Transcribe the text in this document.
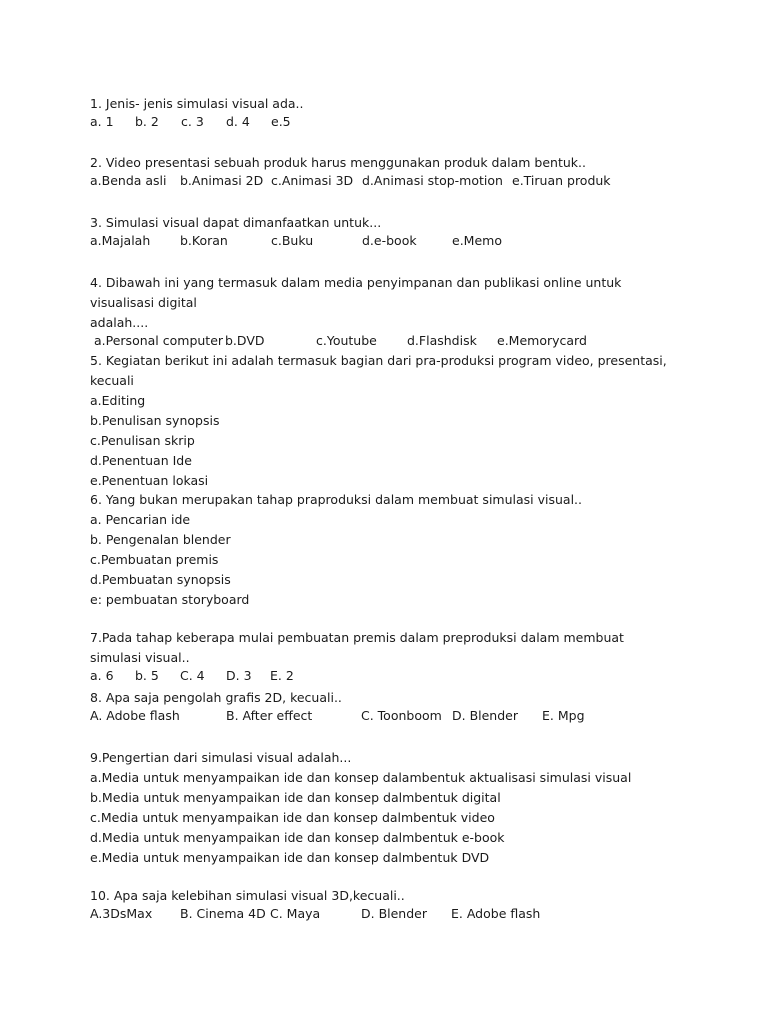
1. Jenis- jenis simulasi visual ada..
a. 1 b. 2 c. 3 d. 4 e.5
2. Video presentasi sebuah produk harus menggunakan produk dalam bentuk..
a.Benda asli b.Animasi 2D c.Animasi 3D d.Animasi stop-motion e.Tiruan produk
3. Simulasi visual dapat dimanfaatkan untuk...
a.Majalah b.Koran	c.Buku	d.e-book	e.Memo
4. Dibawah ini yang termasuk dalam media penyimpanan dan publikasi online untuk visualisasi digital
adalah....
a.Personal computer b.DVD	c.Youtube d.Flashdisk e.Memorycard
5. Kegiatan berikut ini adalah termasuk bagian dari pra-produksi program video, presentasi, kecuali
a.Editing
b.Penulisan synopsis
c.Penulisan skrip
d.Penentuan Ide
e.Penentuan lokasi
6. Yang bukan merupakan tahap praproduksi dalam membuat simulasi visual..
a. Pencarian ide
b. Pengenalan blender
c.Pembuatan premis
d.Pembuatan synopsis
e: pembuatan storyboard
7.Pada tahap keberapa mulai pembuatan premis dalam preproduksi dalam membuat simulasi visual..
a. 6 b. 5 C. 4 D. 3 E. 2
8. Apa saja pengolah grafis 2D, kecuali..
A. Adobe flash	B. After effect	C. Toonboom D. Blender E. Mpg
9.Pengertian dari simulasi visual adalah...
a.Media untuk menyampaikan ide dan konsep dalambentuk aktualisasi simulasi visual
b.Media untuk menyampaikan ide dan konsep dalmbentuk digital
c.Media untuk menyampaikan ide dan konsep dalmbentuk video
d.Media untuk menyampaikan ide dan konsep dalmbentuk e-book
e.Media untuk menyampaikan ide dan konsep dalmbentuk DVD
10. Apa saja kelebihan simulasi visual 3D,kecuali..
A.3DsMax B. Cinema 4D C. Maya	D. Blender E. Adobe flash
